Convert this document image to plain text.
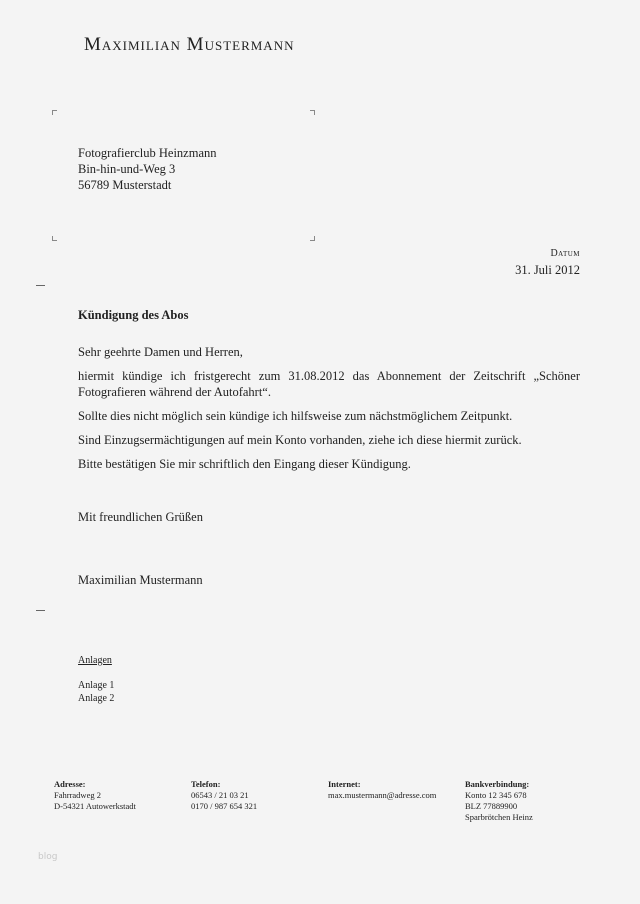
Maximilian Mustermann
Fotografierclub Heinzmann
Bin-hin-und-Weg 3
56789 Musterstadt
Datum
31. Juli 2012
Kündigung des Abos

Sehr geehrte Damen und Herren,

hiermit kündige ich fristgerecht zum 31.08.2012 das Abonnement der Zeitschrift „Schöner Fotografieren während der Autofahrt“.

Sollte dies nicht möglich sein kündige ich hilfsweise zum nächstmöglichem Zeitpunkt.

Sind Einzugsermächtigungen auf mein Konto vorhanden, ziehe ich diese hiermit zurück.

Bitte bestätigen Sie mir schriftlich den Eingang dieser Kündigung.

Mit freundlichen Grüßen

Maximilian Mustermann

Anlagen
Anlage 1
Anlage 2
Adresse:
Fahrradweg 2
D-54321 Autowerkstadt
Telefon:
06543 / 21 03 21
0170 / 987 654 321
Internet:
max.mustermann@adresse.com
Bankverbindung:
Konto 12 345 678
BLZ 77889900
Sparbrötchen Heinz
blog
